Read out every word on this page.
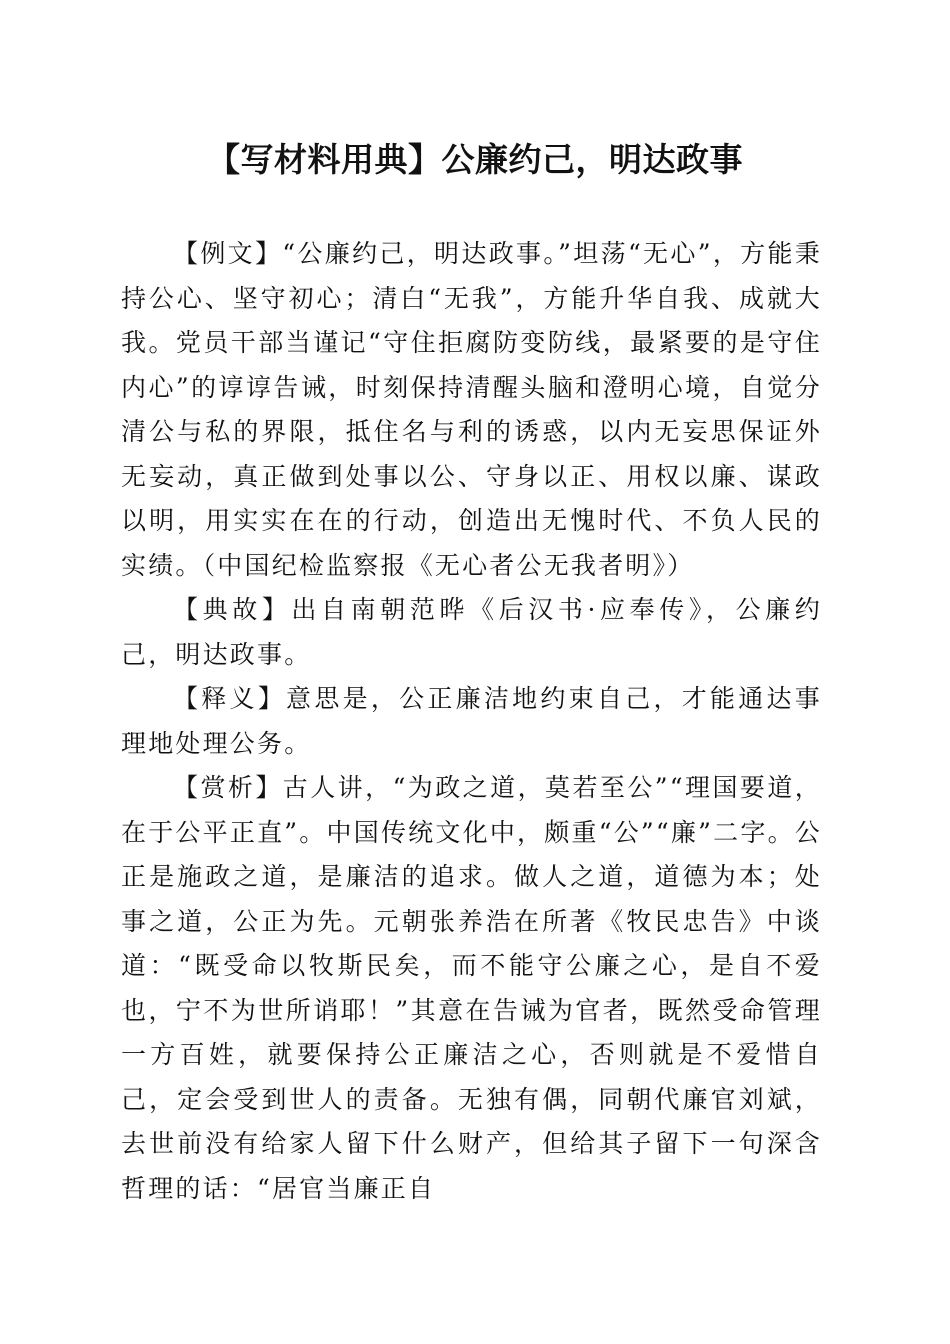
【写材料用典】公廉约己，明达政事

【例文】“公廉约己，明达政事。”坦荡“无心”，方能秉持公心、坚守初心；清白“无我”，方能升华自我、成就大我。党员干部当谨记“守住拒腐防变防线，最紧要的是守住内心”的谆谆告诫，时刻保持清醒头脑和澄明心境，自觉分清公与私的界限，抵住名与利的诱惑，以内无妄思保证外无妄动，真正做到处事以公、守身以正、用权以廉、谋政以明，用实实在在的行动，创造出无愧时代、不负人民的实绩。（中国纪检监察报《无心者公无我者明》）

【典故】出自南朝范晔《后汉书·应奉传》，公廉约己，明达政事。

【释义】意思是，公正廉洁地约束自己，才能通达事理地处理公务。

【赏析】古人讲，“为政之道，莫若至公”“理国要道，在于公平正直”。中国传统文化中，颇重“公”“廉”二字。公正是施政之道，是廉洁的追求。做人之道，道德为本；处事之道，公正为先。元朝张养浩在所著《牧民忠告》中谈道：“既受命以牧斯民矣，而不能守公廉之心，是自不爱也，宁不为世所诮耶！”其意在告诫为官者，既然受命管理一方百姓，就要保持公正廉洁之心，否则就是不爱惜自己，定会受到世人的责备。无独有偶，同朝代廉官刘斌，去世前没有给家人留下什么财产，但给其子留下一句深含哲理的话：“居官当廉正自
